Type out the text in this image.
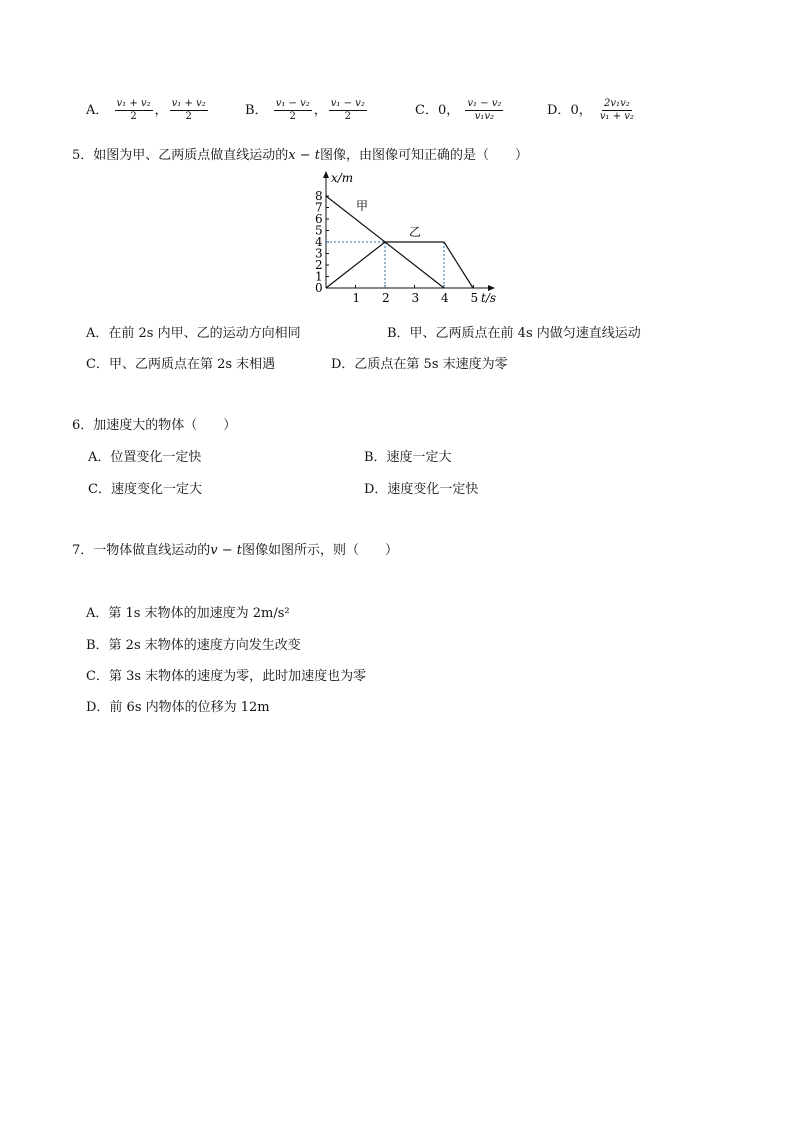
A． $\frac{\text{v₁ + v₂}}{2}$ ， $\frac{\text{v₁ + v₂}}{2}$	B． $\frac{\text{v₁ − v₂}}{2}$ ， $\frac{\text{v₁ − v₂}}{2}$	C．0， $\frac{\text{v₁ − v₂}}{\text{v₁v₂}}$	D．0， $\frac{\text{2v₁v₂}}{\text{v₁ + v₂}}$
5．如图为甲、乙两质点做直线运动的x − t图像，由图像可知正确的是（　　）
0
1
2
3
4
5
6
7
8
1 2 3 4 5
x/m
t/s
甲
乙
A．在前 2s 内甲、乙的运动方向相同	B．甲、乙两质点在前 4s 内做匀速直线运动
C．甲、乙两质点在第 2s 末相遇	D．乙质点在第 5s 末速度为零
6．加速度大的物体（　　）
A．位置变化一定快	B．速度一定大
C．速度变化一定大	D．速度变化一定快
7．一物体做直线运动的v − t图像如图所示，则（　　）
A．第 1s 末物体的加速度为 2m/s²
B．第 2s 末物体的速度方向发生改变
C．第 3s 末物体的速度为零，此时加速度也为零
D．前 6s 内物体的位移为 12m
